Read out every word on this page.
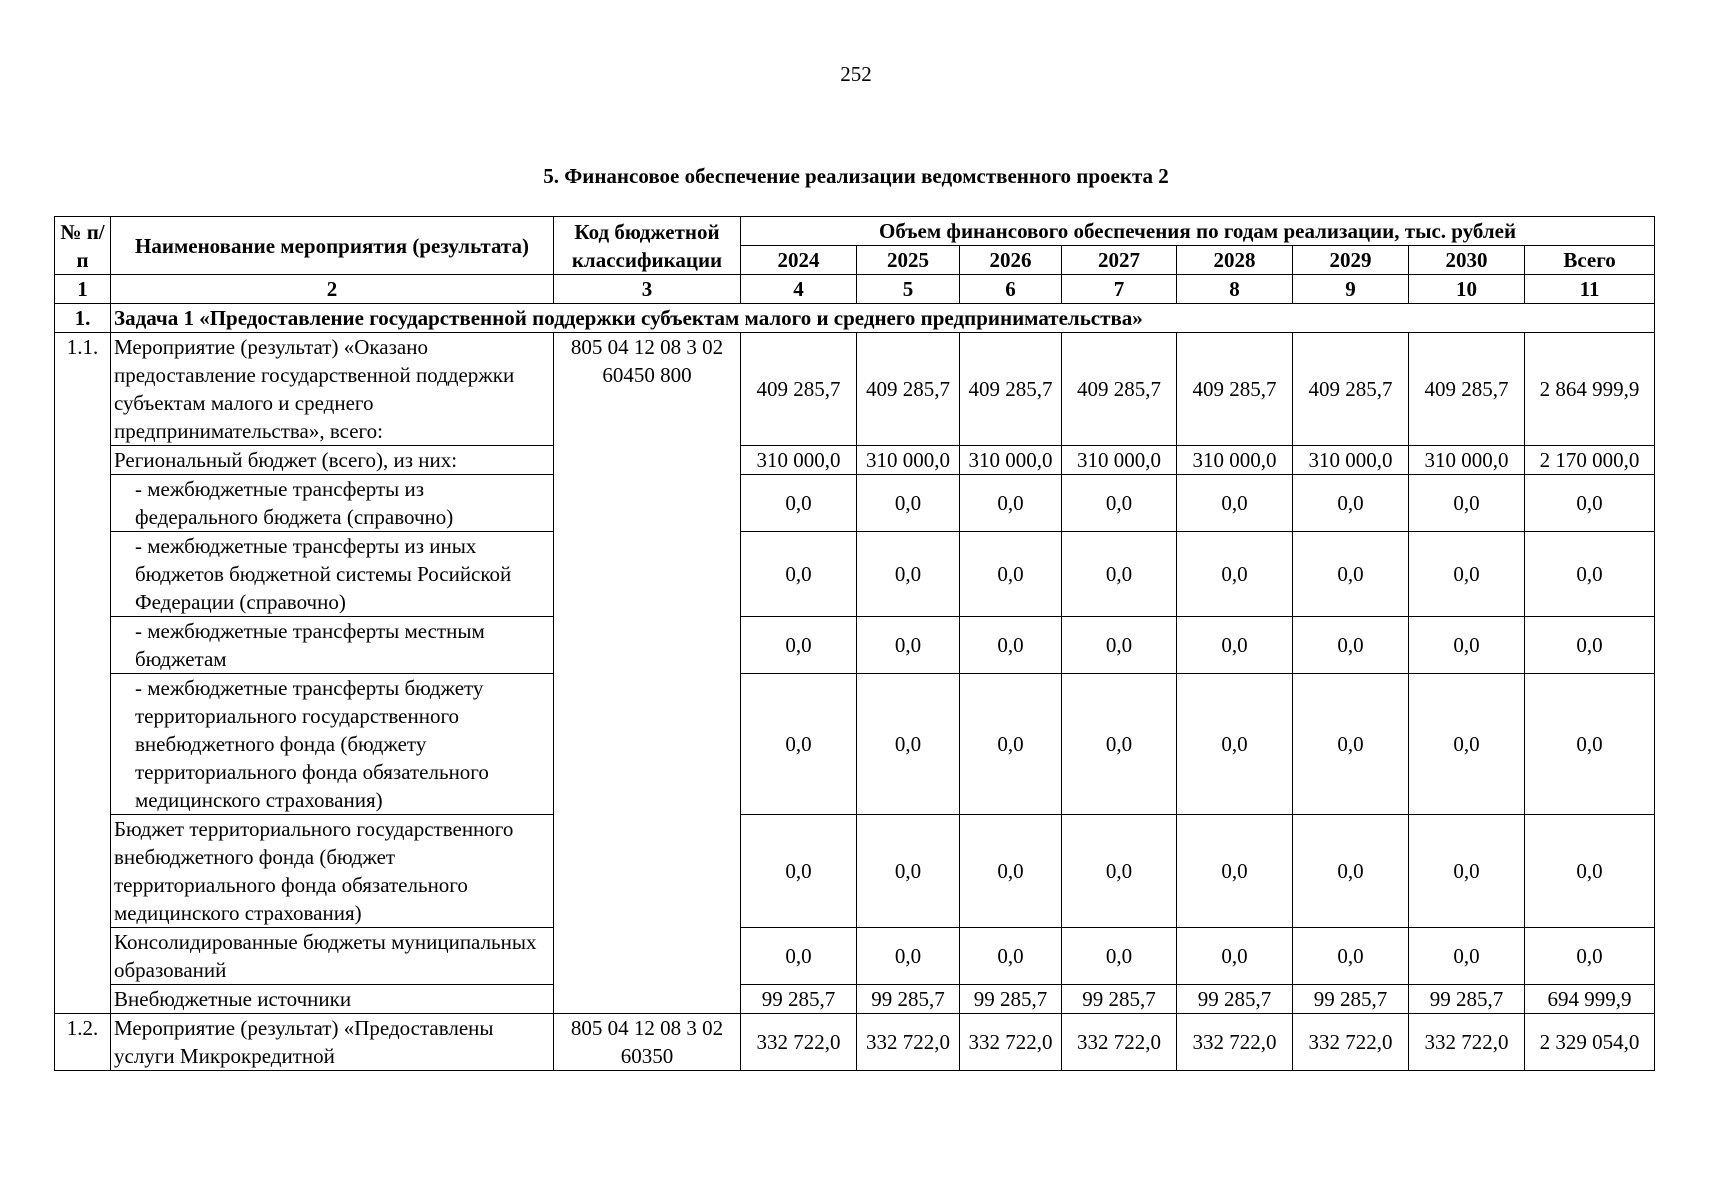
252
5. Финансовое обеспечение реализации ведомственного проекта 2
№ п/п	Наименование мероприятия (результата)	Код бюджетной классификации	Объем финансового обеспечения по годам реализации, тыс. рублей							
			2024	2025	2026	2027	2028	2029	2030	Всего
1	2	3	4	5	6	7	8	9	10	11
1.	Задача 1 «Предоставление государственной поддержки субъектам малого и среднего предпринимательства»									
1.1.	Мероприятие (результат) «Оказано предоставление государственной поддержки субъектам малого и среднего предпринимательства», всего:	805 04 12 08 3 02 60450 800	409 285,7	409 285,7	409 285,7	409 285,7	409 285,7	409 285,7	409 285,7	2 864 999,9
	Региональный бюджет (всего), из них:		310 000,0	310 000,0	310 000,0	310 000,0	310 000,0	310 000,0	310 000,0	2 170 000,0
	- межбюджетные трансферты из федерального бюджета (справочно)		0,0	0,0	0,0	0,0	0,0	0,0	0,0	0,0
	- межбюджетные трансферты из иных бюджетов бюджетной системы Росийской Федерации (справочно)		0,0	0,0	0,0	0,0	0,0	0,0	0,0	0,0
	- межбюджетные трансферты местным бюджетам		0,0	0,0	0,0	0,0	0,0	0,0	0,0	0,0
	- межбюджетные трансферты бюджету территориального государственного внебюджетного фонда (бюджету территориального фонда обязательного медицинского страхования)		0,0	0,0	0,0	0,0	0,0	0,0	0,0	0,0
	Бюджет территориального государственного внебюджетного фонда (бюджет территориального фонда обязательного медицинского страхования)		0,0	0,0	0,0	0,0	0,0	0,0	0,0	0,0
	Консолидированные бюджеты муниципальных образований		0,0	0,0	0,0	0,0	0,0	0,0	0,0	0,0
	Внебюджетные источники		99 285,7	99 285,7	99 285,7	99 285,7	99 285,7	99 285,7	99 285,7	694 999,9
1.2.	Мероприятие (результат) «Предоставлены услуги Микрокредитной	805 04 12 08 3 02 60350	332 722,0	332 722,0	332 722,0	332 722,0	332 722,0	332 722,0	332 722,0	2 329 054,0
